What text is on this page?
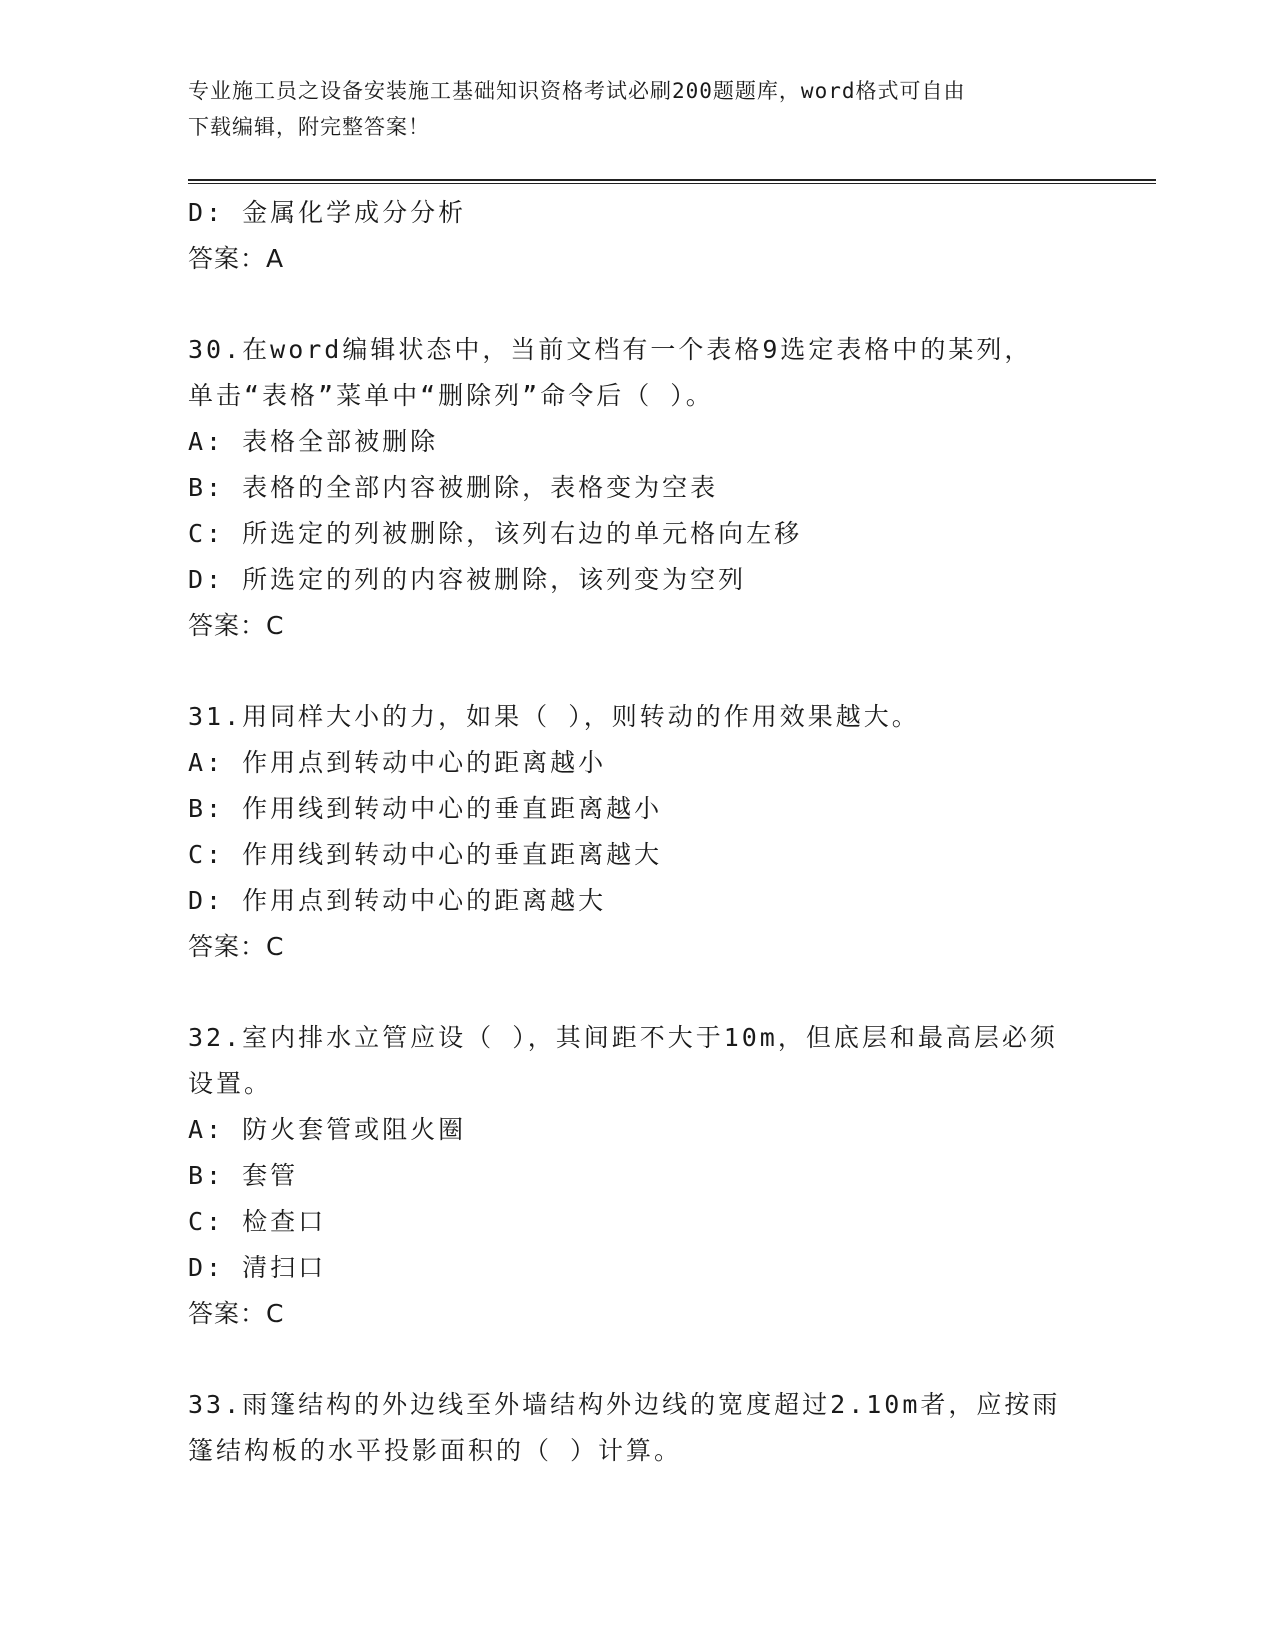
专业施工员之设备安装施工基础知识资格考试必刷200题题库，word格式可自由
下载编辑，附完整答案！
D: 金属化学成分分析
答案：A
30.在word编辑状态中，当前文档有一个表格9选定表格中的某列，
单击“表格”菜单中“删除列”命令后（ ）。
A: 表格全部被删除
B: 表格的全部内容被删除，表格变为空表
C: 所选定的列被删除，该列右边的单元格向左移
D: 所选定的列的内容被删除，该列变为空列
答案：C
31.用同样大小的力，如果（ ），则转动的作用效果越大。
A: 作用点到转动中心的距离越小
B: 作用线到转动中心的垂直距离越小
C: 作用线到转动中心的垂直距离越大
D: 作用点到转动中心的距离越大
答案：C
32.室内排水立管应设（ ），其间距不大于10m，但底层和最高层必须
设置。
A: 防火套管或阻火圈
B: 套管
C: 检查口
D: 清扫口
答案：C
33.雨篷结构的外边线至外墙结构外边线的宽度超过2.10m者，应按雨
篷结构板的水平投影面积的（ ）计算。
